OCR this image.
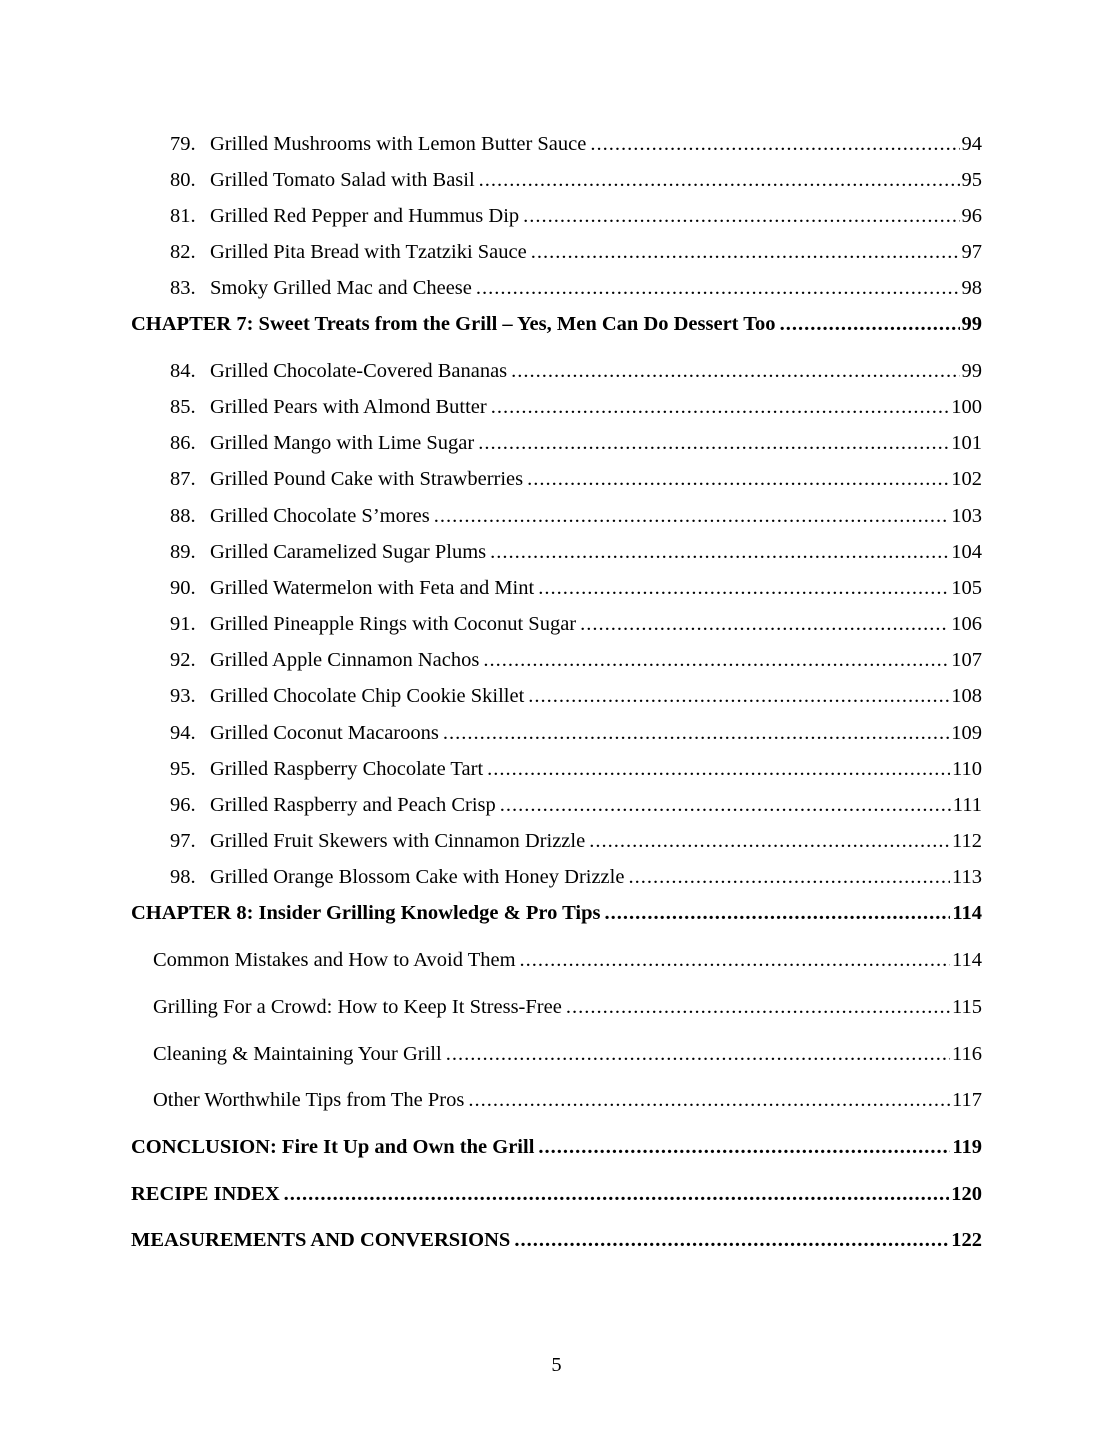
79. Grilled Mushrooms with Lemon Butter Sauce .....	94
80. Grilled Tomato Salad with Basil .....	95
81. Grilled Red Pepper and Hummus Dip .....	96
82. Grilled Pita Bread with Tzatziki Sauce .....	97
83. Smoky Grilled Mac and Cheese .....	98
CHAPTER 7: Sweet Treats from the Grill – Yes, Men Can Do Dessert Too .....	99
84. Grilled Chocolate-Covered Bananas .....	99
85. Grilled Pears with Almond Butter .....	100
86. Grilled Mango with Lime Sugar .....	101
87. Grilled Pound Cake with Strawberries .....	102
88. Grilled Chocolate S’mores .....	103
89. Grilled Caramelized Sugar Plums .....	104
90. Grilled Watermelon with Feta and Mint .....	105
91. Grilled Pineapple Rings with Coconut Sugar .....	106
92. Grilled Apple Cinnamon Nachos .....	107
93. Grilled Chocolate Chip Cookie Skillet .....	108
94. Grilled Coconut Macaroons .....	109
95. Grilled Raspberry Chocolate Tart .....	110
96. Grilled Raspberry and Peach Crisp .....	111
97. Grilled Fruit Skewers with Cinnamon Drizzle .....	112
98. Grilled Orange Blossom Cake with Honey Drizzle .....	113
CHAPTER 8: Insider Grilling Knowledge & Pro Tips .....	114
Common Mistakes and How to Avoid Them .....	114
Grilling For a Crowd: How to Keep It Stress-Free .....	115
Cleaning & Maintaining Your Grill .....	116
Other Worthwhile Tips from The Pros .....	117
CONCLUSION: Fire It Up and Own the Grill .....	119
RECIPE INDEX .....	120
MEASUREMENTS AND CONVERSIONS .....	122
5
